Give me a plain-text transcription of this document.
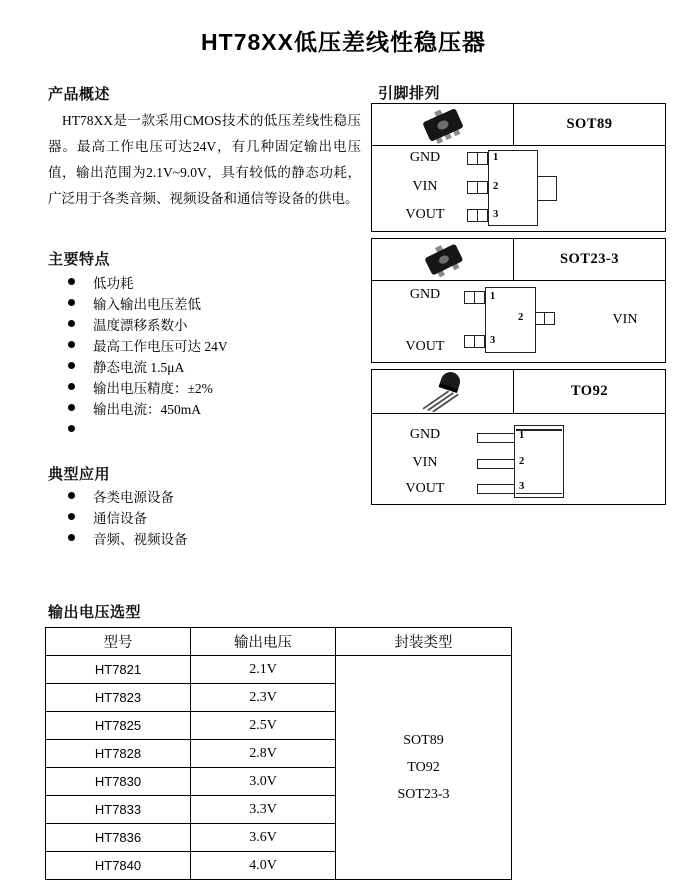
HT78XX低压差线性稳压器
产品概述

HT78XX是一款采用CMOS技术的低压差线性稳压器。最高工作电压可达24V，有几种固定输出电压值，输出范围为2.1V~9.0V，具有较低的静态功耗，广泛用于各类音频、视频设备和通信等设备的供电。

主要特点
低功耗
输入输出电压差低
温度漂移系数小
最高工作电压可达 24V
静态电流 1.5μA
输出电压精度：±2%
输出电流：450mA
典型应用
各类电源设备
通信设备
音频、视频设备
引脚排列
SOT89
GND
VIN
VOUT
1
2
3
SOT23-3
GND
VOUT
VIN
1
2
3
TO92
GND
VIN
VOUT
1
2
3
输出电压选型
型号	输出电压	封装类型
HT7821	2.1V	SOT89
TO92
SOT23-3

HT7823	2.3V	
HT7825	2.5V	
HT7828	2.8V	
HT7830	3.0V	
HT7833	3.3V	
HT7836	3.6V	
HT7840	4.0V	
